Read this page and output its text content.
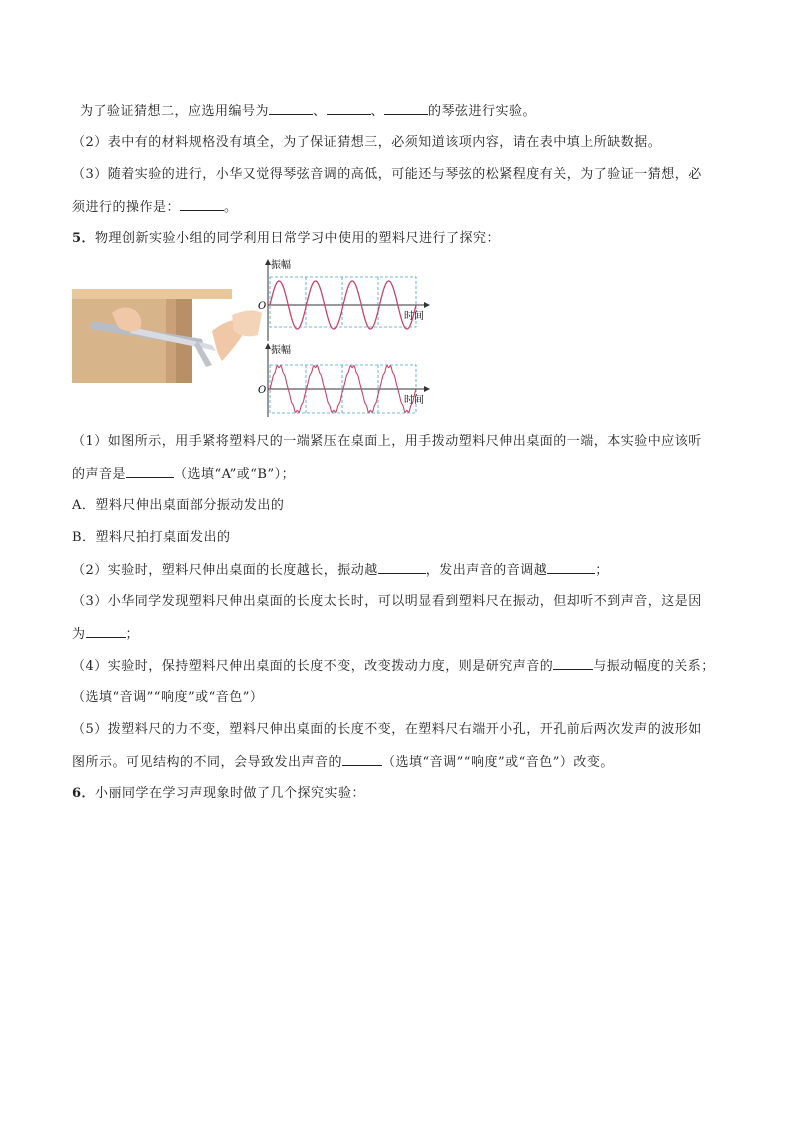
为了验证猜想二，应选用编号为	、	、	的琴弦进行实验。
（2）表中有的材料规格没有填全，为了保证猜想三，必须知道该项内容，请在表中填上所缺数据。
（3）随着实验的进行，小华又觉得琴弦音调的高低，可能还与琴弦的松紧程度有关，为了验证一猜想，必
须进行的操作是：	。
5．物理创新实验小组的同学利用日常学习中使用的塑料尺进行了探究：
振幅
时间
O
振幅
时间
O
（1）如图所示，用手紧将塑料尺的一端紧压在桌面上，用手拨动塑料尺伸出桌面的一端，本实验中应该听
的声音是	（选填“A”或“B”）；
A．塑料尺伸出桌面部分振动发出的
B．塑料尺拍打桌面发出的
（2）实验时，塑料尺伸出桌面的长度越长，振动越	，发出声音的音调越	；
（3）小华同学发现塑料尺伸出桌面的长度太长时，可以明显看到塑料尺在振动，但却听不到声音，这是因
为	；
（4）实验时，保持塑料尺伸出桌面的长度不变，改变拨动力度，则是研究声音的	与振动幅度的关系；
（选填“音调”“响度”或“音色”）
（5）拨塑料尺的力不变，塑料尺伸出桌面的长度不变，在塑料尺右端开小孔，开孔前后两次发声的波形如
图所示。可见结构的不同，会导致发出声音的	（选填“音调”“响度”或“音色”）改变。
6．小丽同学在学习声现象时做了几个探究实验：
